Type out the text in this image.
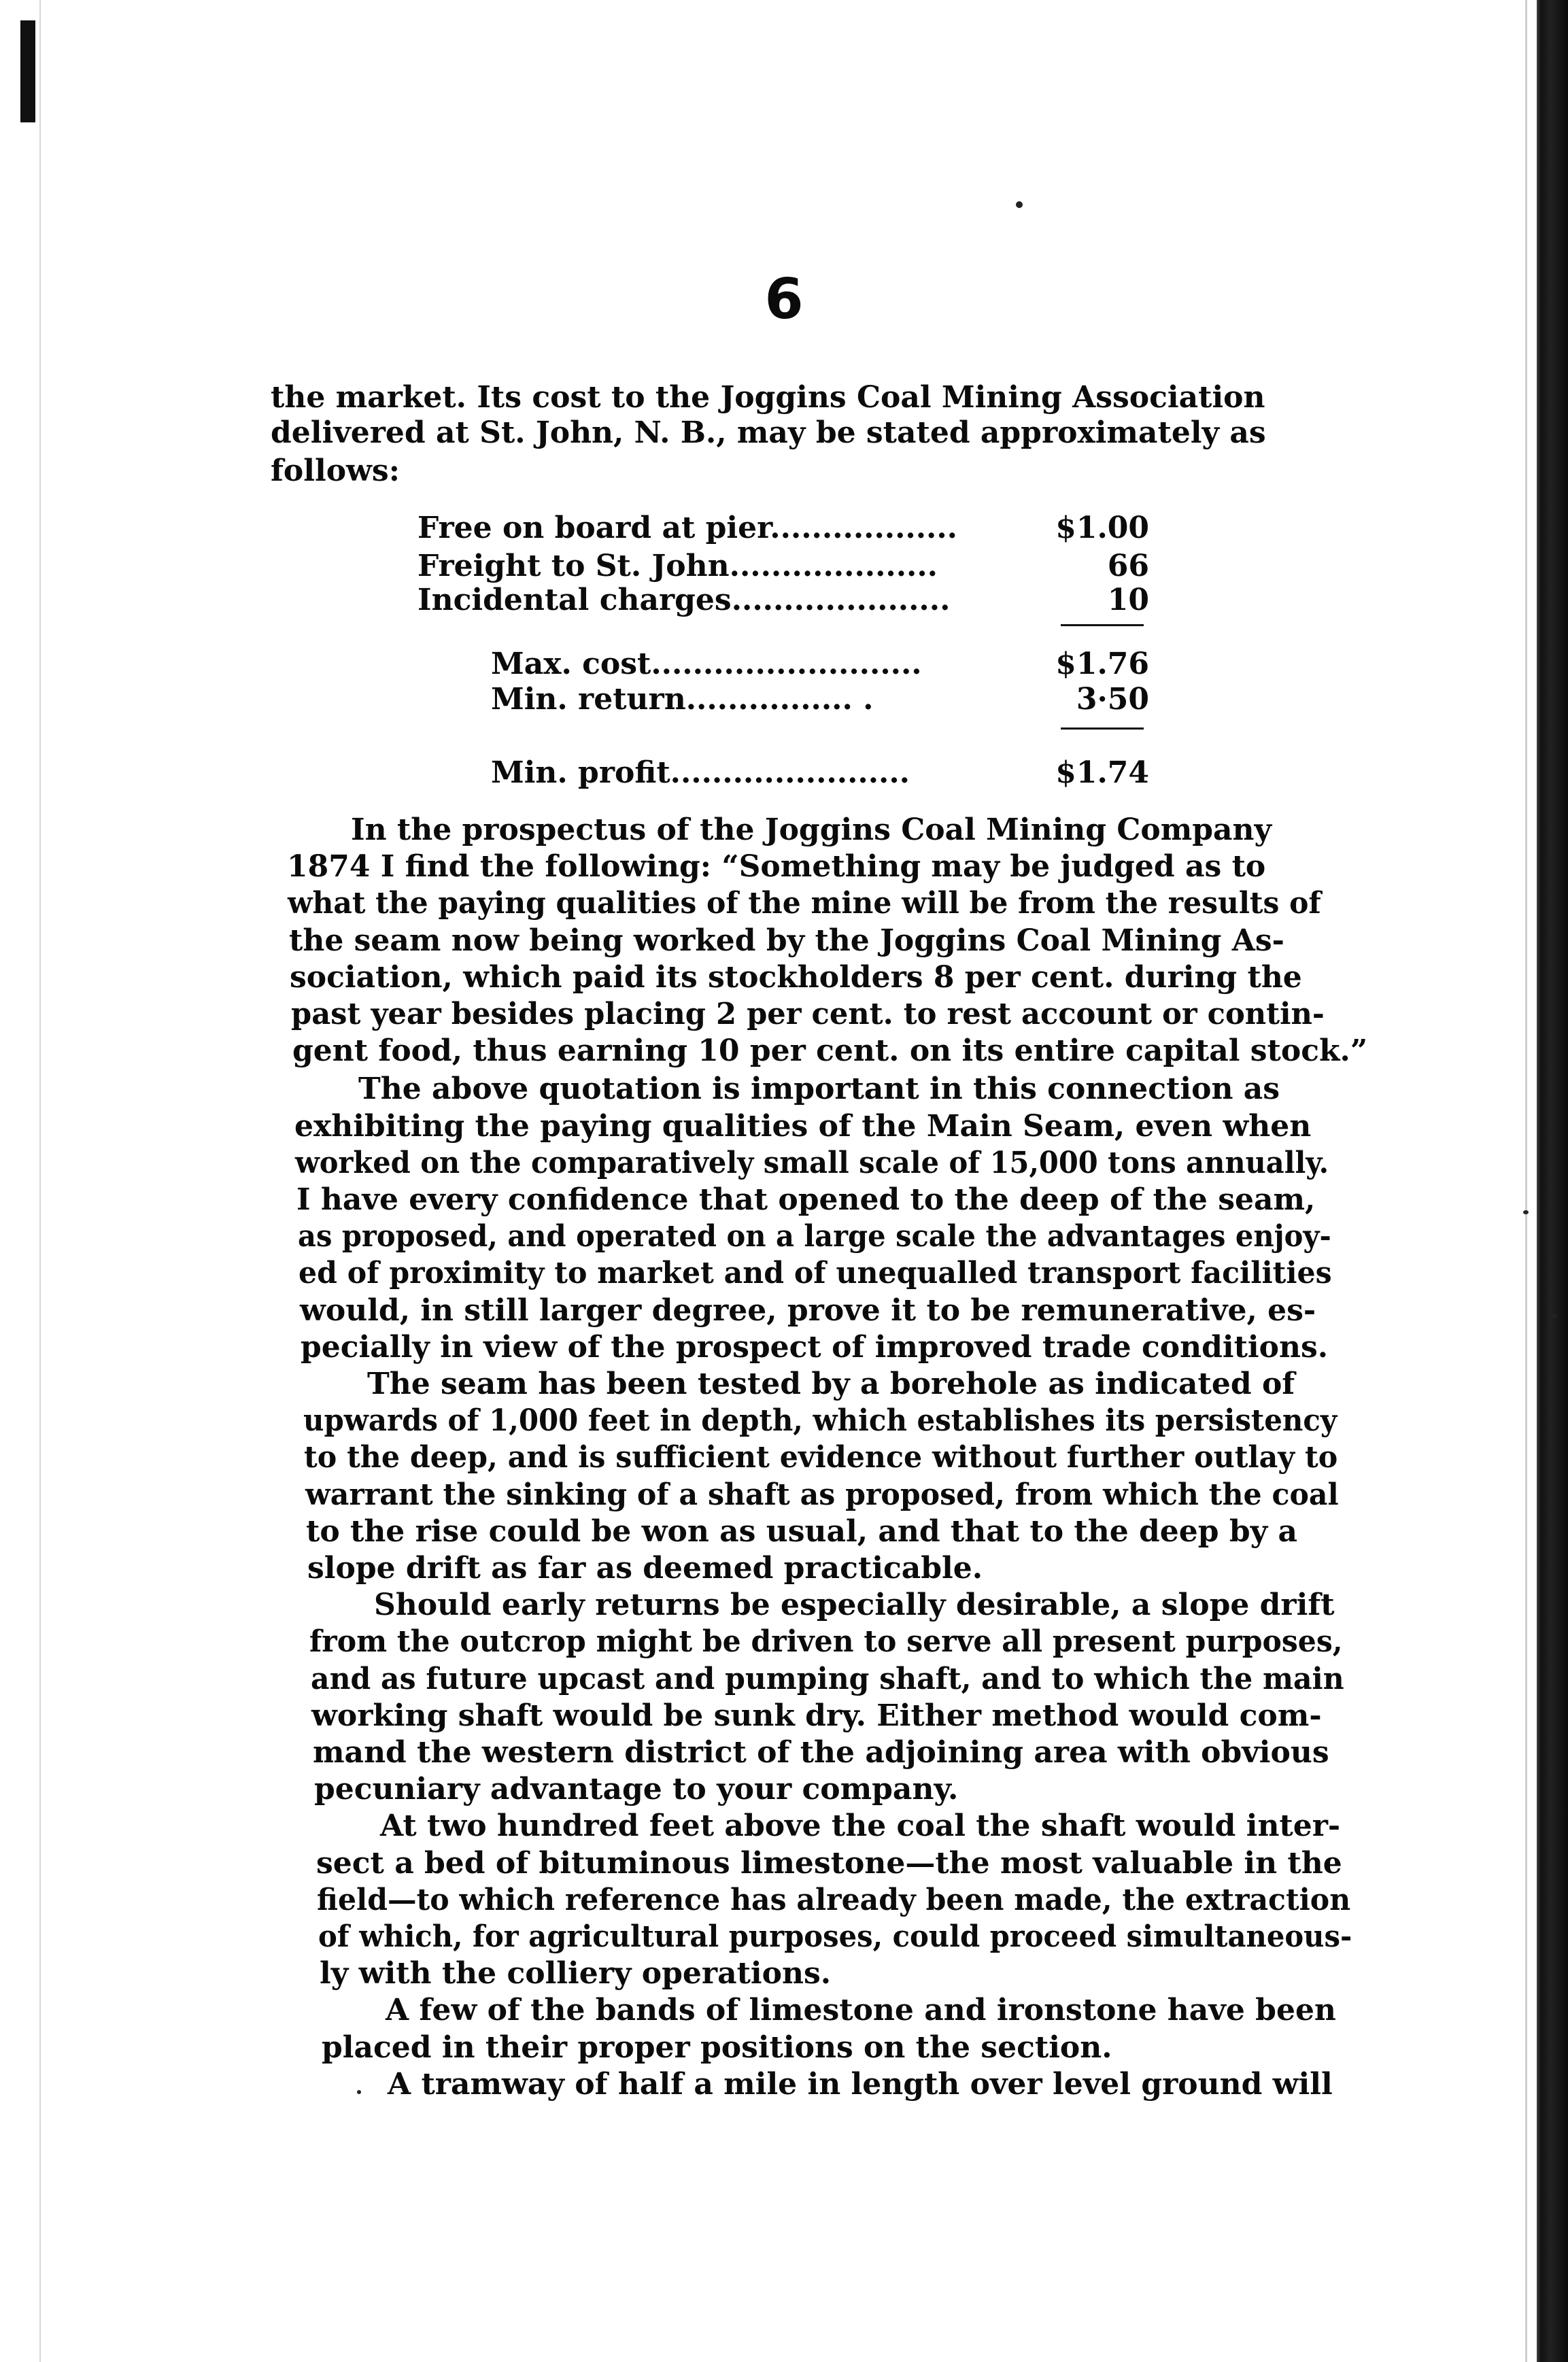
6
the market. Its cost to the Joggins Coal Mining Association
delivered at St. John, N. B., may be stated approximately as
follows:
Free on board at pier..................	$1.00
Freight to St. John....................	66
Incidental charges.....................	10
Max. cost..........................	$1.76
Min. return................ .	3·50
Min. profit.......................	$1.74
In the prospectus of the Joggins Coal Mining Company
1874 I find the following: “Something may be judged as to
what the paying qualities of the mine will be from the results of
the seam now being worked by the Joggins Coal Mining As-
sociation, which paid its stockholders 8 per cent. during the
past year besides placing 2 per cent. to rest account or contin-
gent food, thus earning 10 per cent. on its entire capital stock.”
The above quotation is important in this connection as
exhibiting the paying qualities of the Main Seam, even when
worked on the comparatively small scale of 15,000 tons annually.
I have every confidence that opened to the deep of the seam,
as proposed, and operated on a large scale the advantages enjoy-
ed of proximity to market and of unequalled transport facilities
would, in still larger degree, prove it to be remunerative, es-
pecially in view of the prospect of improved trade conditions.
The seam has been tested by a borehole as indicated of
upwards of 1,000 feet in depth, which establishes its persistency
to the deep, and is sufficient evidence without further outlay to
warrant the sinking of a shaft as proposed, from which the coal
to the rise could be won as usual, and that to the deep by a
slope drift as far as deemed practicable.
Should early returns be especially desirable, a slope drift
from the outcrop might be driven to serve all present purposes,
and as future upcast and pumping shaft, and to which the main
working shaft would be sunk dry. Either method would com-
mand the western district of the adjoining area with obvious
pecuniary advantage to your company.
At two hundred feet above the coal the shaft would inter-
sect a bed of bituminous limestone—the most valuable in the
field—to which reference has already been made, the extraction
of which, for agricultural purposes, could proceed simultaneous-
ly with the colliery operations.
A few of the bands of limestone and ironstone have been
placed in their proper positions on the section.
A tramway of half a mile in length over level ground will
